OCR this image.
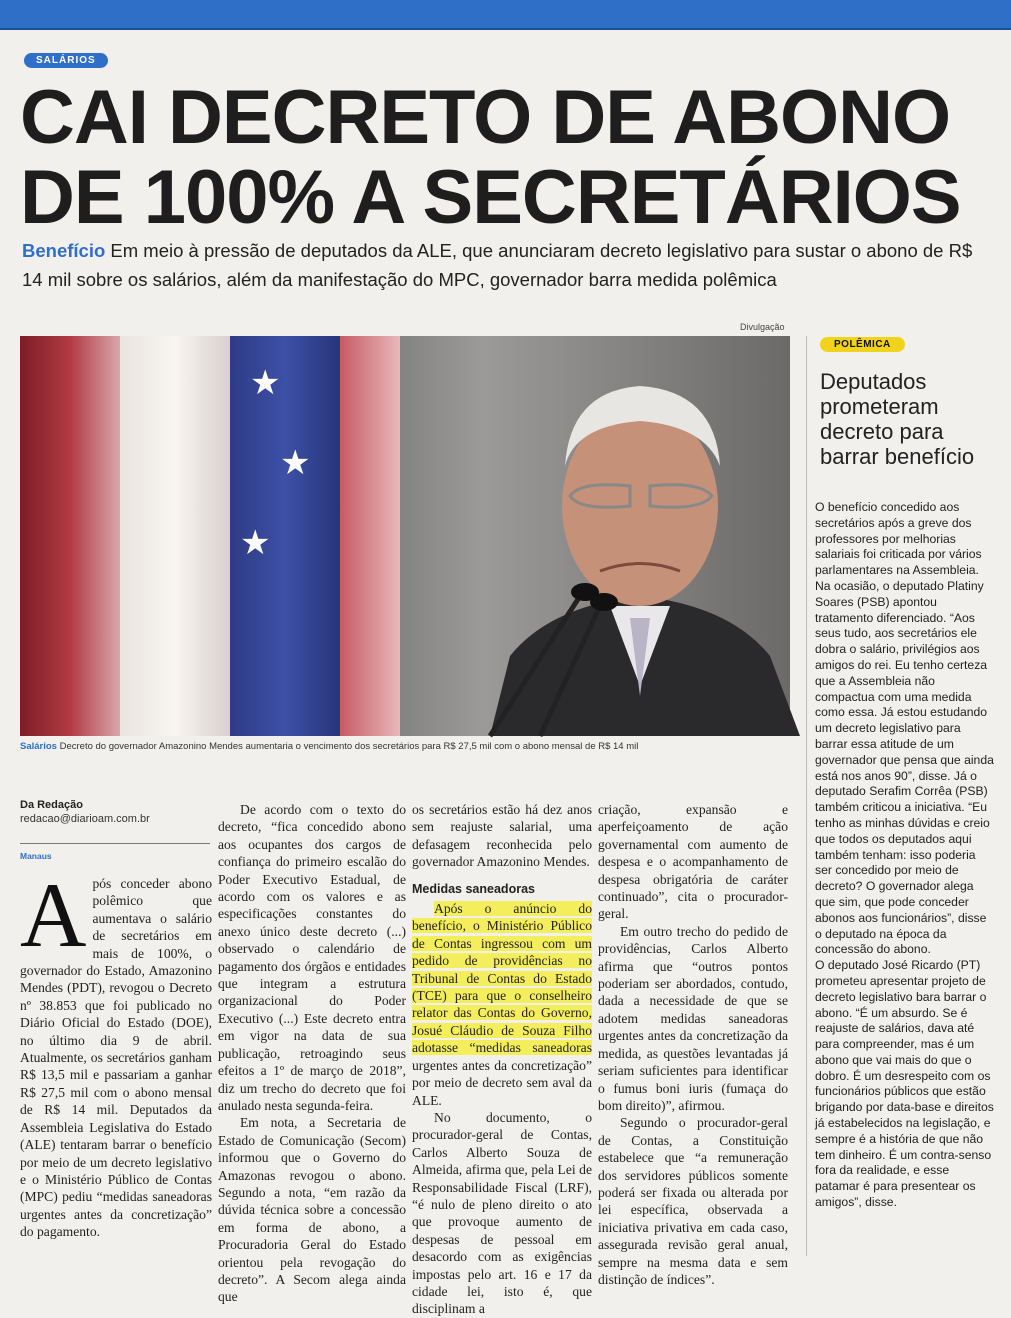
SALÁRIOS
CAI DECRETO DE ABONO DE 100% A SECRETÁRIOS
Benefício Em meio à pressão de deputados da ALE, que anunciaram decreto legislativo para sustar o abono de R$ 14 mil sobre os salários, além da manifestação do MPC, governador barra medida polêmica
Divulgação
★
★
★
Salários Decreto do governador Amazonino Mendes aumentaria o vencimento dos secretários para R$ 27,5 mil com o abono mensal de R$ 14 mil
Da Redação
redacao@diarioam.com.br
Manaus
A pós conceder abono polêmico que aumentava o salário de secretários em mais de 100%, o governador do Estado, Amazonino Mendes (PDT), revogou o Decreto nº 38.853 que foi publicado no Diário Oficial do Estado (DOE), no último dia 9 de abril. Atualmente, os secretários ganham R$ 13,5 mil e passariam a ganhar R$ 27,5 mil com o abono mensal de R$ 14 mil. Deputados da Assembleia Legislativa do Estado (ALE) tentaram barrar o benefício por meio de um decreto legislativo e o Ministério Público de Contas (MPC) pediu “medidas saneadoras urgentes antes da concretização” do pagamento.

De acordo com o texto do decreto, “fica concedido abono aos ocupantes dos cargos de confiança do primeiro escalão do Poder Executivo Estadual, de acordo com os valores e as especificações constantes do anexo único deste decreto (...) observado o calendário de pagamento dos órgãos e entidades que integram a estrutura organizacional do Poder Executivo (...) Este decreto entra em vigor na data de sua publicação, retroagindo seus efeitos a 1º de março de 2018”, diz um trecho do decreto que foi anulado nesta segunda-feira.

Em nota, a Secretaria de Estado de Comunicação (Secom) informou que o Governo do Amazonas revogou o abono. Segundo a nota, “em razão da dúvida técnica sobre a concessão em forma de abono, a Procuradoria Geral do Estado orientou pela revogação do decreto”. A Secom alega ainda que

os secretários estão há dez anos sem reajuste salarial, uma defasagem reconhecida pelo governador Amazonino Mendes.

Medidas saneadoras

Após o anúncio do benefício, o Ministério Público de Contas ingressou com um pedido de providências no Tribunal de Contas do Estado (TCE) para que o conselheiro relator das Contas do Governo, Josué Cláudio de Souza Filho adotasse “medidas saneadoras urgentes antes da concretização” por meio de decreto sem aval da ALE.

No documento, o procurador-geral de Contas, Carlos Alberto Souza de Almeida, afirma que, pela Lei de Responsabilidade Fiscal (LRF), “é nulo de pleno direito o ato que provoque aumento de despesas de pessoal em desacordo com as exigências impostas pelo art. 16 e 17 da cidade lei, isto é, que disciplinam a

criação, expansão e aperfeiçoamento de ação governamental com aumento de despesa e o acompanhamento de despesa obrigatória de caráter continuado”, cita o procurador-geral.

Em outro trecho do pedido de providências, Carlos Alberto afirma que “outros pontos poderiam ser abordados, contudo, dada a necessidade de que se adotem medidas saneadoras urgentes antes da concretização da medida, as questões levantadas já seriam suficientes para identificar o fumus boni iuris (fumaça do bom direito)”, afirmou.

Segundo o procurador-geral de Contas, a Constituição estabelece que “a remuneração dos servidores públicos somente poderá ser fixada ou alterada por lei específica, observada a iniciativa privativa em cada caso, assegurada revisão geral anual, sempre na mesma data e sem distinção de índices”.

POLÊMICA
Deputados prometeram decreto para barrar benefício

O benefício concedido aos secretários após a greve dos professores por melhorias salariais foi criticada por vários parlamentares na Assembleia. Na ocasião, o deputado Platiny Soares (PSB) apontou tratamento diferenciado. “Aos seus tudo, aos secretários ele dobra o salário, privilégios aos amigos do rei. Eu tenho certeza que a Assembleia não compactua com uma medida como essa. Já estou estudando um decreto legislativo para barrar essa atitude de um governador que pensa que ainda está nos anos 90”, disse. Já o deputado Serafim Corrêa (PSB) também criticou a iniciativa. “Eu tenho as minhas dúvidas e creio que todos os deputados aqui também tenham: isso poderia ser concedido por meio de decreto? O governador alega que sim, que pode conceder abonos aos funcionários”, disse o deputado na época da concessão do abono.

O deputado José Ricardo (PT) prometeu apresentar projeto de decreto legislativo bara barrar o abono. “É um absurdo. Se é reajuste de salários, dava até para compreender, mas é um abono que vai mais do que o dobro. É um desrespeito com os funcionários públicos que estão brigando por data-base e direitos já estabelecidos na legislação, e sempre é a história de que não tem dinheiro. É um contra-senso fora da realidade, e esse patamar é para presentear os amigos”, disse.
